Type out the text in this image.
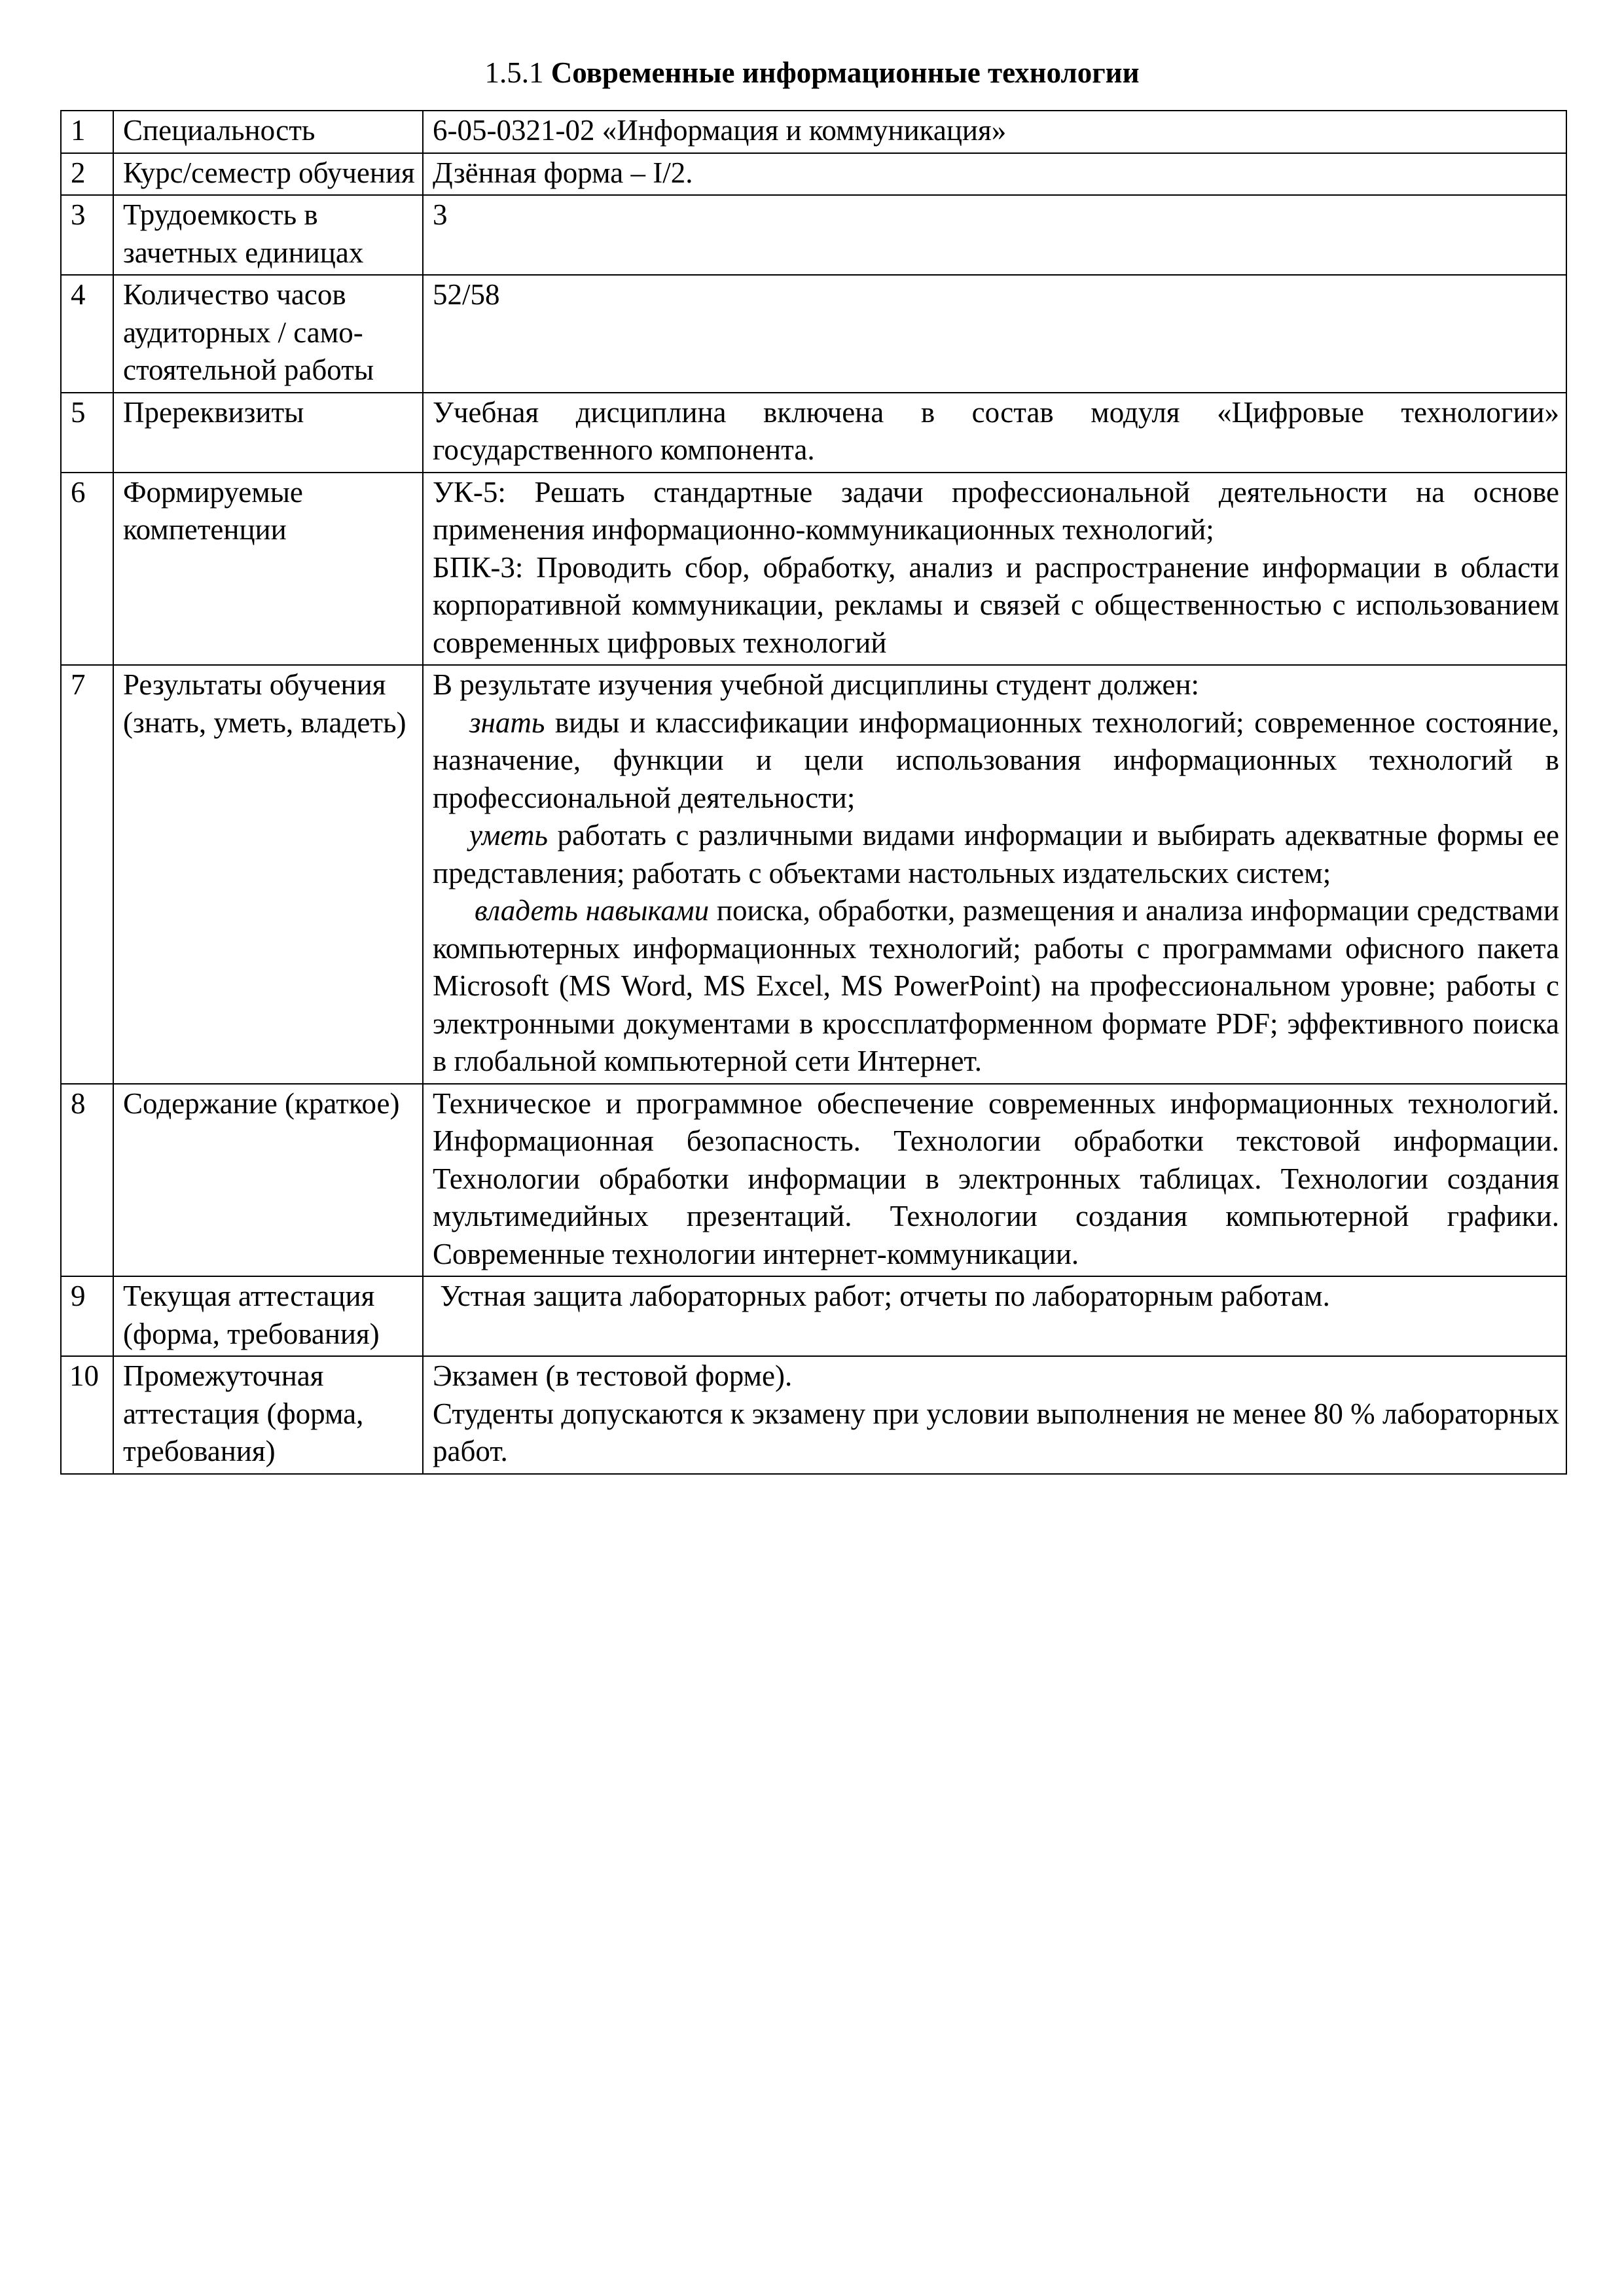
1.5.1 Современные информационные технологии
1	Специальность	6-05-0321-02 «Информация и коммуникация»
2	Курс/семестр обучения	Дзённая форма – I/2.
3	Трудоемкость в зачетных единицах	3
4	Количество часов аудиторных / само-стоятельной работы	52/58
5	Пререквизиты	Учебная дисциплина включена в состав модуля «Цифровые технологии» государственного компонента.
6	Формируемые компетенции	УК-5: Решать стандартные задачи профессиональной деятельности на основе применения информационно-коммуникационных технологий;

БПК-3: Проводить сбор, обработку, анализ и распространение информации в области корпоративной коммуникации, рекламы и связей с общественностью с использованием современных цифровых технологий

7	Результаты обучения (знать, уметь, владеть)	В результате изучения учебной дисциплины студент должен:

знать виды и классификации информационных технологий; современное состояние, назначение, функции и цели использования информационных технологий в профессиональной деятельности;

уметь работать с различными видами информации и выбирать адекватные формы ее представления; работать с объектами настольных издательских систем;

владеть навыками поиска, обработки, размещения и анализа информации средствами компьютерных информационных технологий; работы с программами офисного пакета Microsoft (MS Word, MS Excel, MS PowerPoint) на профессиональном уровне; работы с электронными документами в кроссплатформенном формате PDF; эффективного поиска в глобальной компьютерной сети Интернет.

8	Содержание (краткое)	Техническое и программное обеспечение современных информационных технологий. Информационная безопасность. Технологии обработки текстовой информации. Технологии обработки информации в электронных таблицах. Технологии создания мультимедийных презентаций. Технологии создания компьютерной графики. Современные технологии интернет-коммуникации.
9	Текущая аттестация (форма, требования)	Устная защита лабораторных работ; отчеты по лабораторным работам.
10	Промежуточная аттестация (форма, требования)	Экзамен (в тестовой форме).

Студенты допускаются к экзамену при условии выполнения не менее 80 % лабораторных работ.
